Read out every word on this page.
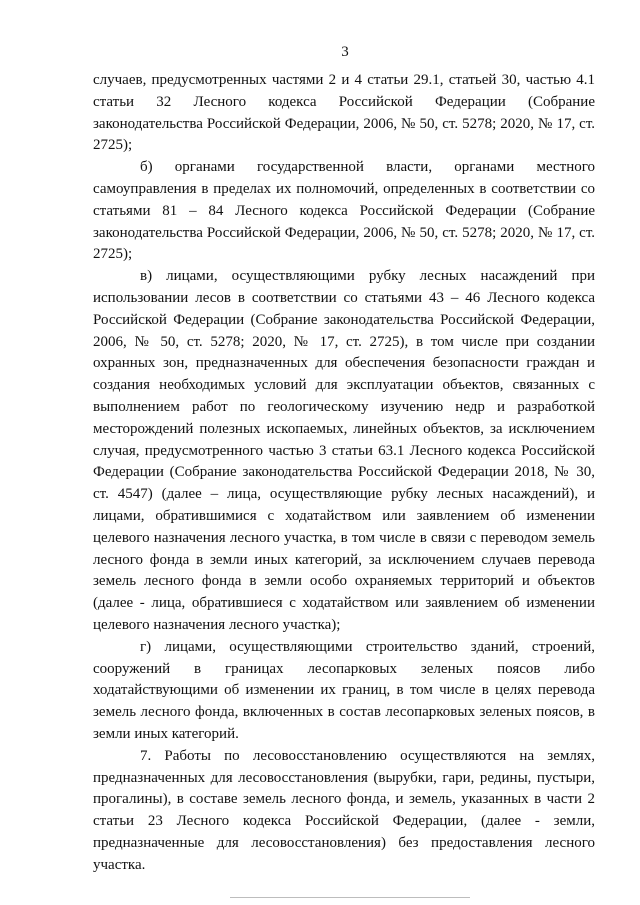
3

случаев, предусмотренных частями 2 и 4 статьи 29.1, статьей 30, частью 4.1 статьи 32 Лесного кодекса Российской Федерации (Собрание законодательства Российской Федерации, 2006, № 50, ст. 5278; 2020, № 17, ст. 2725);

б) органами государственной власти, органами местного самоуправления в пределах их полномочий, определенных в соответствии со статьями 81 – 84 Лесного кодекса Российской Федерации (Собрание законодательства Российской Федерации, 2006, № 50, ст. 5278; 2020, № 17, ст. 2725);

в) лицами, осуществляющими рубку лесных насаждений при использовании лесов в соответствии со статьями 43 – 46 Лесного кодекса Российской Федерации (Собрание законодательства Российской Федерации, 2006, № 50, ст. 5278; 2020, № 17, ст. 2725), в том числе при создании охранных зон, предназначенных для обеспечения безопасности граждан и создания необходимых условий для эксплуатации объектов, связанных с выполнением работ по геологическому изучению недр и разработкой месторождений полезных ископаемых, линейных объектов, за исключением случая, предусмотренного частью 3 статьи 63.1 Лесного кодекса Российской Федерации (Собрание законодательства Российской Федерации 2018, № 30, ст. 4547) (далее – лица, осуществляющие рубку лесных насаждений), и лицами, обратившимися с ходатайством или заявлением об изменении целевого назначения лесного участка, в том числе в связи с переводом земель лесного фонда в земли иных категорий, за исключением случаев перевода земель лесного фонда в земли особо охраняемых территорий и объектов (далее - лица, обратившиеся с ходатайством или заявлением об изменении целевого назначения лесного участка);

г) лицами, осуществляющими строительство зданий, строений, сооружений в границах лесопарковых зеленых поясов либо ходатайствующими об изменении их границ, в том числе в целях перевода земель лесного фонда, включенных в состав лесопарковых зеленых поясов, в земли иных категорий.

7. Работы по лесовосстановлению осуществляются на землях, предназначенных для лесовосстановления (вырубки, гари, редины, пустыри, прогалины), в составе земель лесного фонда, и земель, указанных в части 2 статьи 23 Лесного кодекса Российской Федерации, (далее - земли, предназначенные для лесовосстановления) без предоставления лесного участка.
